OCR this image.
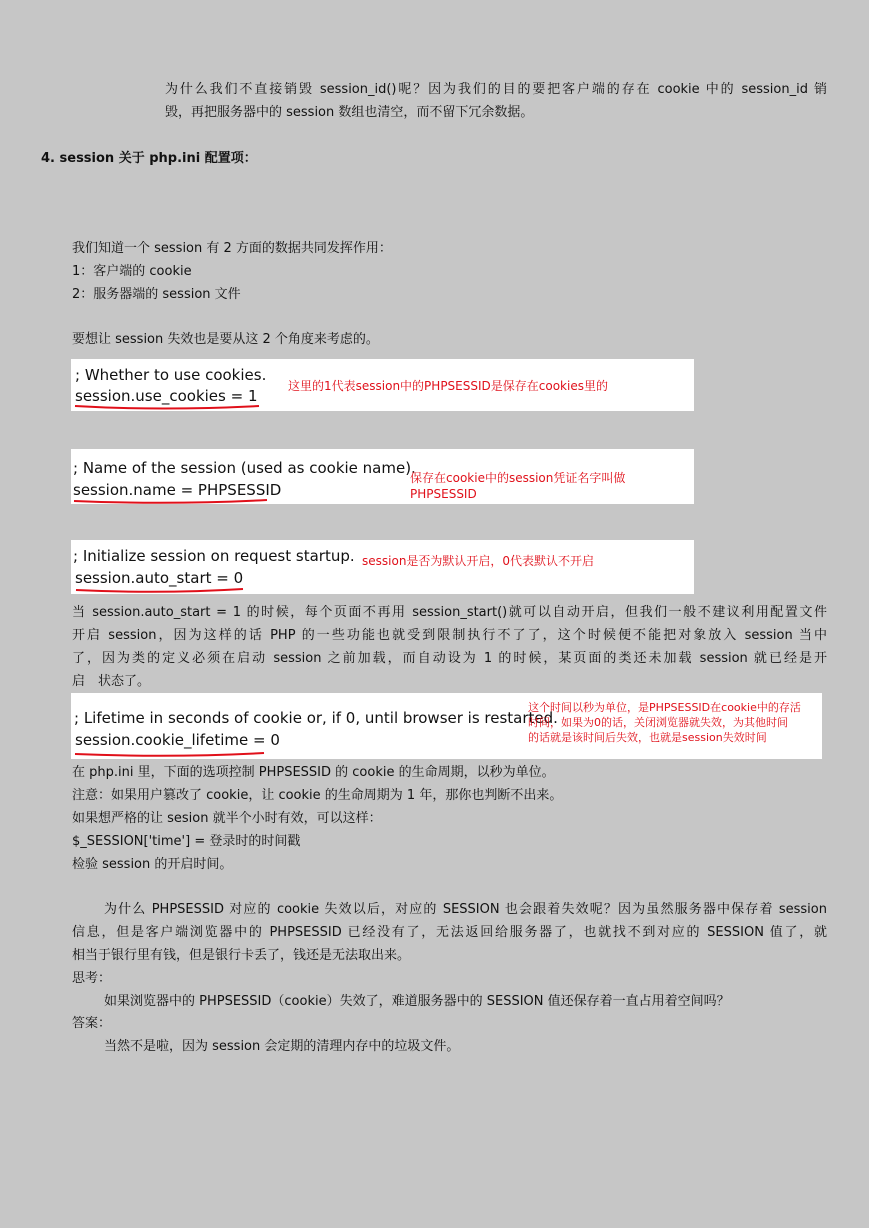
为什么我们不直接销毁 session_id()呢？因为我们的目的要把客户端的存在 cookie 中的 session_id 销
毁，再把服务器中的 session 数组也清空，而不留下冗余数据。
4. session 关于 php.ini 配置项：
我们知道一个 session 有 2 方面的数据共同发挥作用：
1：客户端的 cookie
2：服务器端的 session 文件
要想让 session 失效也是要从这 2 个角度来考虑的。
; Whether to use cookies.
session.use_cookies = 1
这里的1代表session中的PHPSESSID是保存在cookies里的
; Name of the session (used as cookie name).
session.name = PHPSESSID
保存在cookie中的session凭证名字叫做
PHPSESSID
; Initialize session on request startup.
session.auto_start = 0
session是否为默认开启，0代表默认不开启
当 session.auto_start = 1 的时候，每个页面不再用 session_start()就可以自动开启，但我们一般不建议利用配置文件
开启 session，因为这样的话 PHP 的一些功能也就受到限制执行不了了，这个时候便不能把对象放入 session 当中
了，因为类的定义必须在启动 session 之前加载，而自动设为 1 的时候，某页面的类还未加载 session 就已经是开
启　状态了。
; Lifetime in seconds of cookie or, if 0, until browser is restarted.
session.cookie_lifetime = 0
这个时间以秒为单位，是PHPSESSID在cookie中的存活
时间，如果为0的话，关闭浏览器就失效，为其他时间
的话就是该时间后失效，也就是session失效时间
在 php.ini 里，下面的选项控制 PHPSESSID 的 cookie 的生命周期，以秒为单位。
注意：如果用户篡改了 cookie，让 cookie 的生命周期为 1 年，那你也判断不出来。
如果想严格的让 sesion 就半个小时有效，可以这样：
$_SESSION['time'] = 登录时的时间戳
检验 session 的开启时间。
为什么 PHPSESSID 对应的 cookie 失效以后，对应的 SESSION 也会跟着失效呢？因为虽然服务器中保存着 session
信息，但是客户端浏览器中的 PHPSESSID 已经没有了，无法返回给服务器了，也就找不到对应的 SESSION 值了，就
相当于银行里有钱，但是银行卡丢了，钱还是无法取出来。
思考：
如果浏览器中的 PHPSESSID（cookie）失效了，难道服务器中的 SESSION 值还保存着一直占用着空间吗？
答案：
当然不是啦，因为 session 会定期的清理内存中的垃圾文件。
